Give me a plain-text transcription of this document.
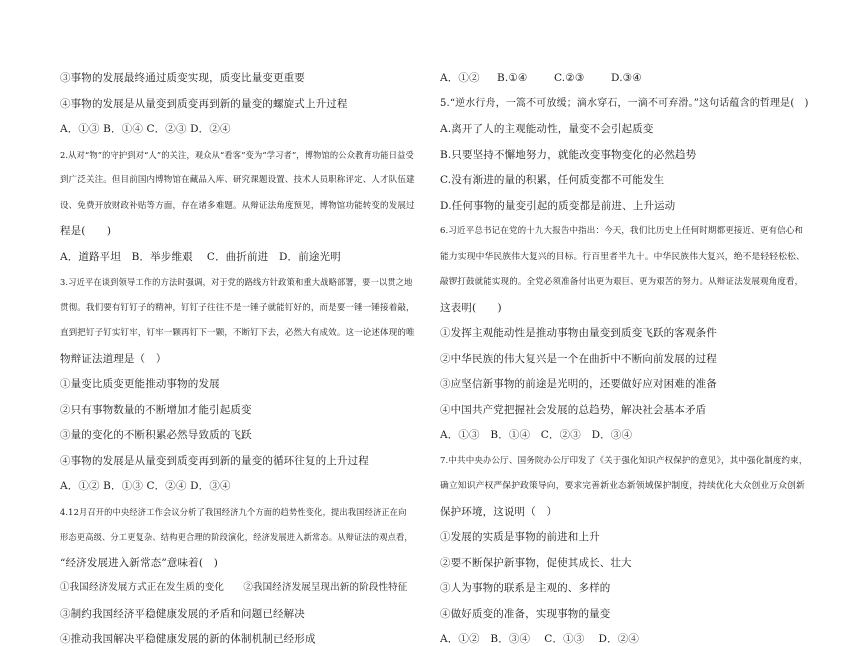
③事物的发展最终通过质变实现，质变比量变更重要
④事物的发展是从量变到质变再到新的量变的螺旋式上升过程
A．①③ B．①④ C．②③ D．②④
2.从对“物”的守护到对“人”的关注，观众从“看客”变为“学习者”，博物馆的公众教育功能日益受
到广泛关注。但目前国内博物馆在藏品入库、研究课题设置、技术人员职称评定、人才队伍建
设、免费开放财政补贴等方面，存在诸多难题。从辩证法角度预见，博物馆功能转变的发展过
程是(　　)
A．道路平坦　B．举步维艰　 C．曲折前进　D．前途光明
3.习近平在谈到领导工作的方法时强调，对于党的路线方针政策和重大战略部署，要一以贯之地
贯彻。我们要有钉钉子的精神，钉钉子往往不是一锤子就能钉好的，而是要一锤一锤接着敲，
直到把钉子钉实钉牢，钉牢一颗再钉下一颗，不断钉下去，必然大有成效。这一论述体现的唯
物辩证法道理是（　）
①量变比质变更能推动事物的发展
②只有事物数量的不断增加才能引起质变
③量的变化的不断积累必然导致质的飞跃
④事物的发展是从量变到质变再到新的量变的循环往复的上升过程
A．①② B．①③ C．②④ D．③④
4.12月召开的中央经济工作会议分析了我国经济九个方面的趋势性变化，提出我国经济正在向
形态更高级、分工更复杂、结构更合理的阶段演化，经济发展进入新常态。从辩证法的观点看，
“经济发展进入新常态”意味着(　)
①我国经济发展方式正在发生质的变化　　②我国经济发展呈现出新的阶段性特征
③制约我国经济平稳健康发展的矛盾和问题已经解决
④推动我国解决平稳健康发展的新的体制机制已经形成
A．①② B.①④	C.②③	D.③④
5.“逆水行舟，一篙不可放缓；滴水穿石，一滴不可弃滑。”这句话蕴含的哲理是(　)
A.离开了人的主观能动性，量变不会引起质变
B.只要坚持不懈地努力，就能改变事物变化的必然趋势
C.没有渐进的量的积累，任何质变都不可能发生
D.任何事物的量变引起的质变都是前进、上升运动
6.习近平总书记在党的十九大报告中指出：今天，我们比历史上任何时期都更接近、更有信心和
能力实现中华民族伟大复兴的目标。行百里者半九十。中华民族伟大复兴，绝不是轻轻松松、
敲锣打鼓就能实现的。全党必须准备付出更为艰巨、更为艰苦的努力。从辩证法发展观角度看，
这表明(　　)
①发挥主观能动性是推动事物由量变到质变飞跃的客观条件
②中华民族的伟大复兴是一个在曲折中不断向前发展的过程
③应坚信新事物的前途是光明的，还要做好应对困难的准备
④中国共产党把握社会发展的总趋势，解决社会基本矛盾
A．①③　B．①④　C．②③　D．③④
7.中共中央办公厅、国务院办公厅印发了《关于强化知识产权保护的意见》，其中强化制度约束，
确立知识产权严保护政策导向，要求完善新业态新领域保护制度，持续优化大众创业万众创新
保护环境，这说明（　）
①发展的实质是事物的前进和上升
②要不断保护新事物，促使其成长、壮大
③人为事物的联系是主观的、多样的
④做好质变的准备，实现事物的量变
A．①②　B．③④　 C．①③　 D．②④
